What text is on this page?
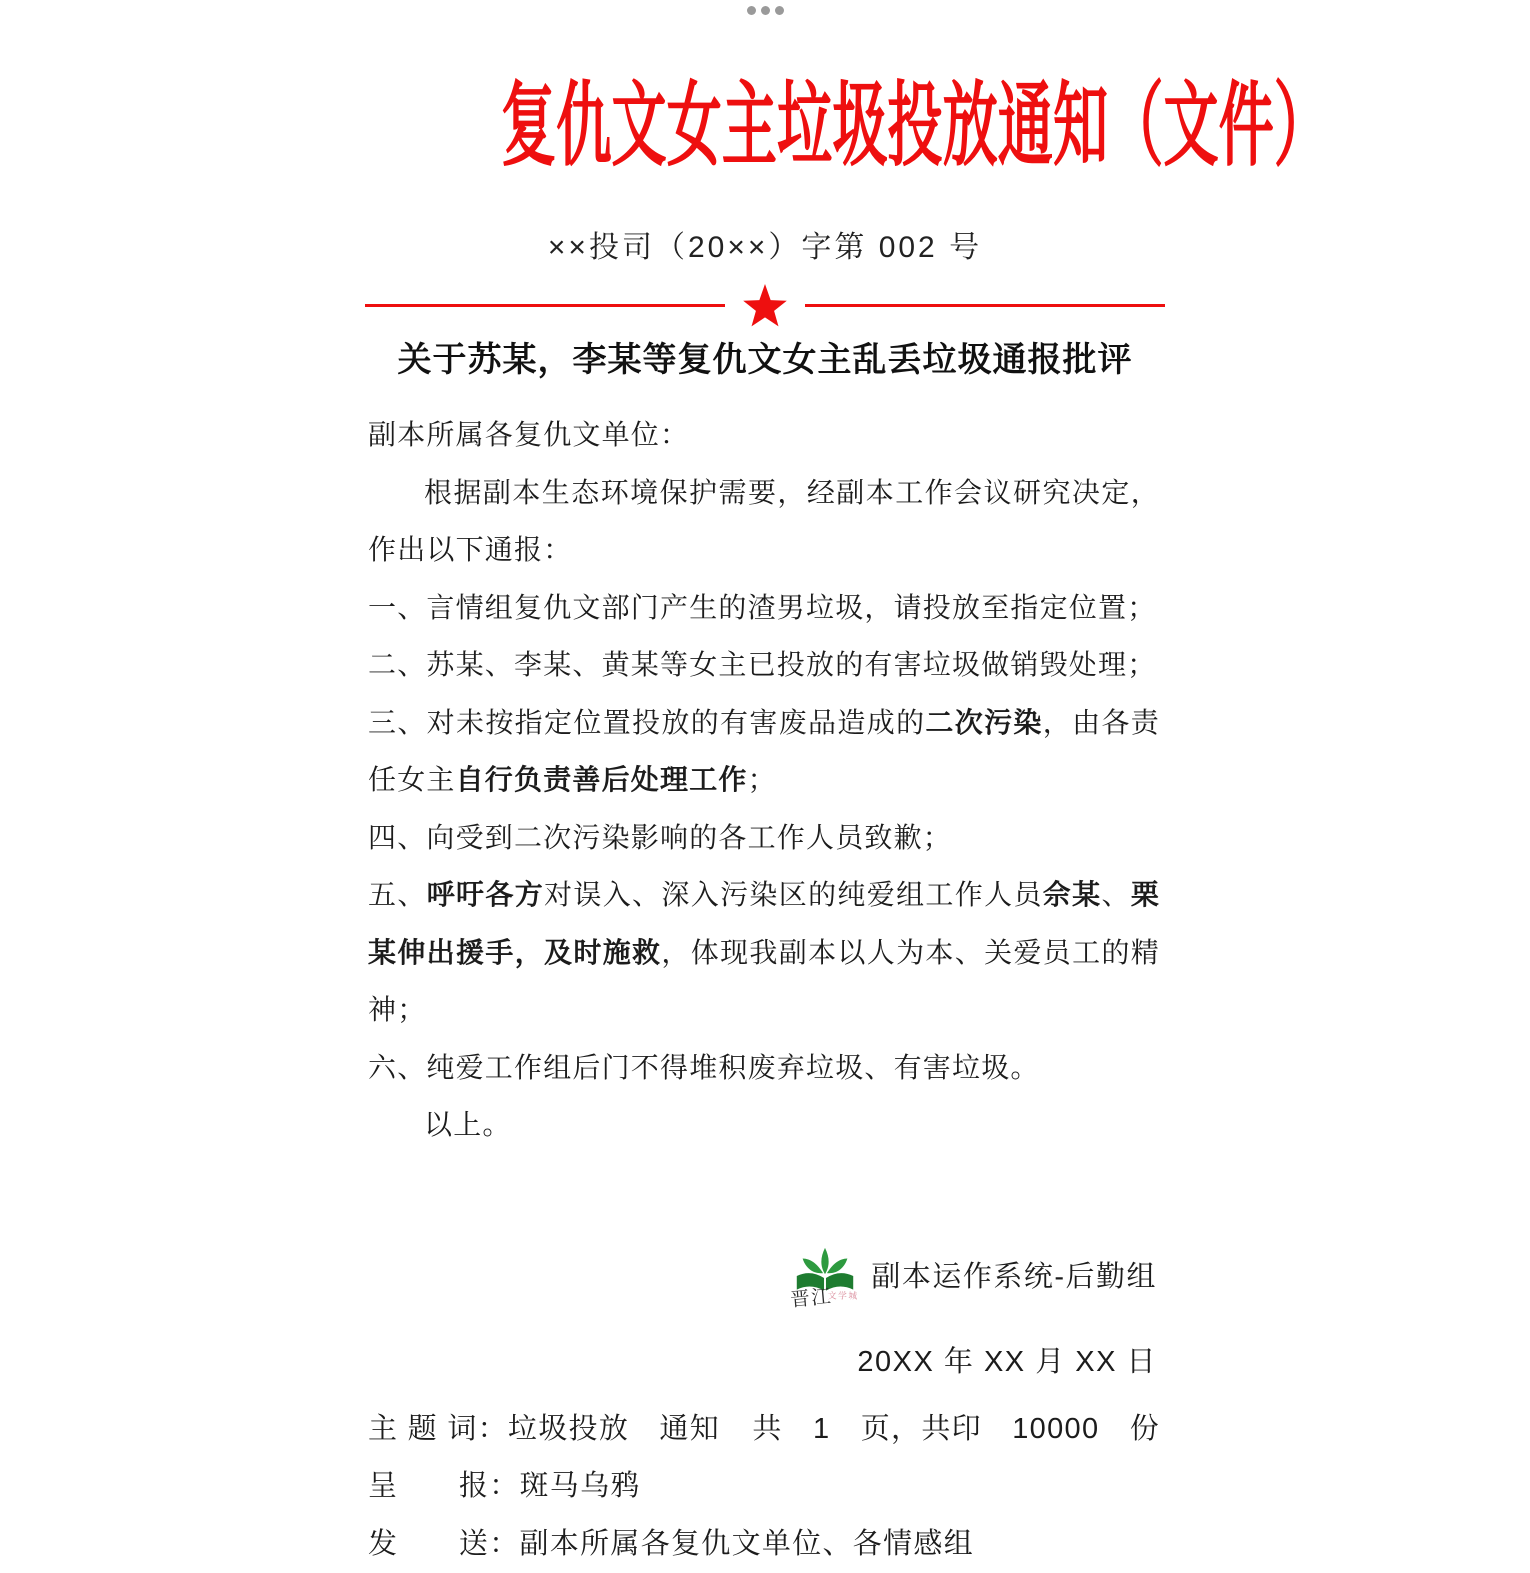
复仇文女主垃圾投放通知（文件）
××投司（20××）字第 002 号
关于苏某，李某等复仇文女主乱丢垃圾通报批评

副本所属各复仇文单位：

根据副本生态环境保护需要，经副本工作会议研究决定，作出以下通报：

一、言情组复仇文部门产生的渣男垃圾，请投放至指定位置；

二、苏某、李某、黄某等女主已投放的有害垃圾做销毁处理；

三、对未按指定位置投放的有害废品造成的二次污染，由各责任女主自行负责善后处理工作；

四、向受到二次污染影响的各工作人员致歉；

五、呼吁各方对误入、深入污染区的纯爱组工作人员佘某、栗某伸出援手，及时施救，体现我副本以人为本、关爱员工的精神；

六、纯爱工作组后门不得堆积废弃垃圾、有害垃圾。

以上。

晋江
文学城
副本运作系统-后勤组
20XX 年 XX 月 XX 日
主 题 词：垃圾投放　通知 共　1　页，共印　10000　份
呈　　报：斑马乌鸦
发　　送：副本所属各复仇文单位、各情感组
